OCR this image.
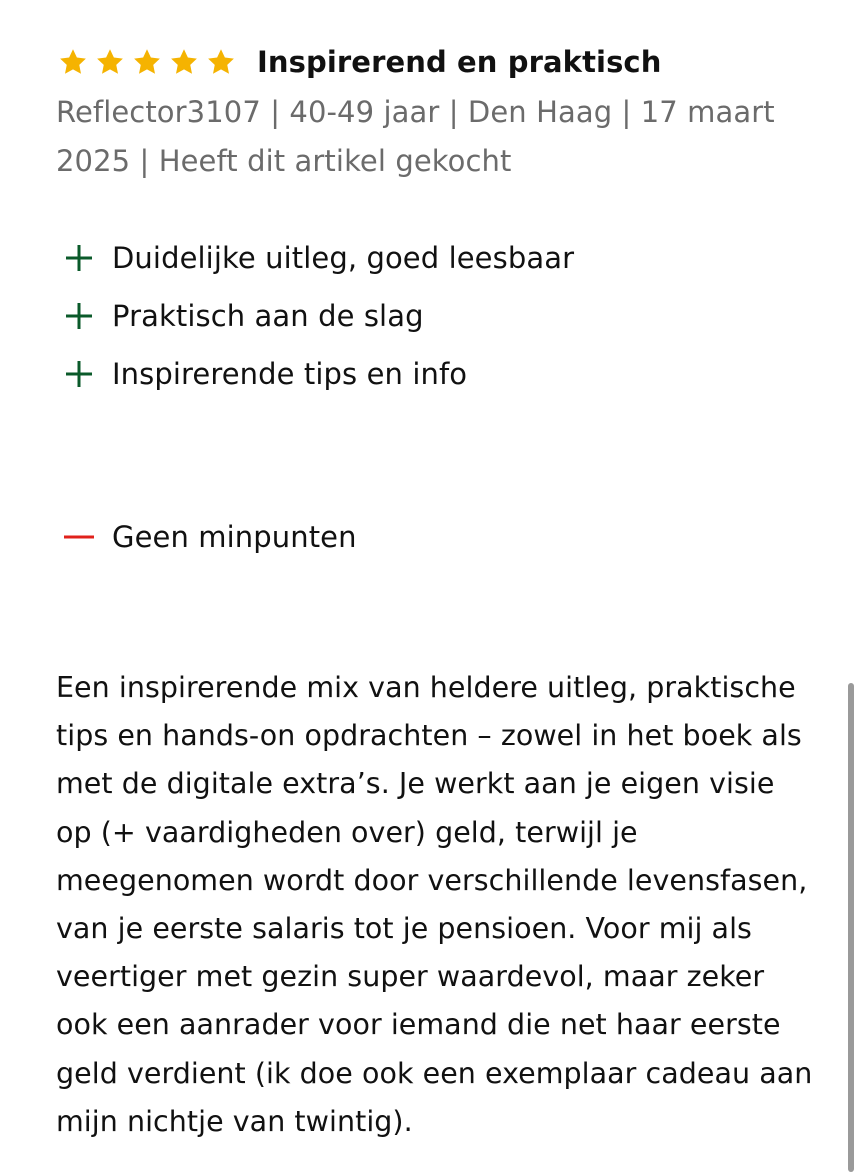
Inspirerend en praktisch
Reflector3107 | 40-49 jaar | Den Haag | 17 maart 2025 | Heeft dit artikel gekocht
Duidelijke uitleg, goed leesbaar
Praktisch aan de slag
Inspirerende tips en info
Geen minpunten

Een inspirerende mix van heldere uitleg, praktische tips en hands-on opdrachten – zowel in het boek als met de digitale extra’s. Je werkt aan je eigen visie op (+ vaardigheden over) geld, terwijl je meegenomen wordt door verschillende levensfasen, van je eerste salaris tot je pensioen. Voor mij als veertiger met gezin super waardevol, maar zeker ook een aanrader voor iemand die net haar eerste geld verdient (ik doe ook een exemplaar cadeau aan mijn nichtje van twintig).
